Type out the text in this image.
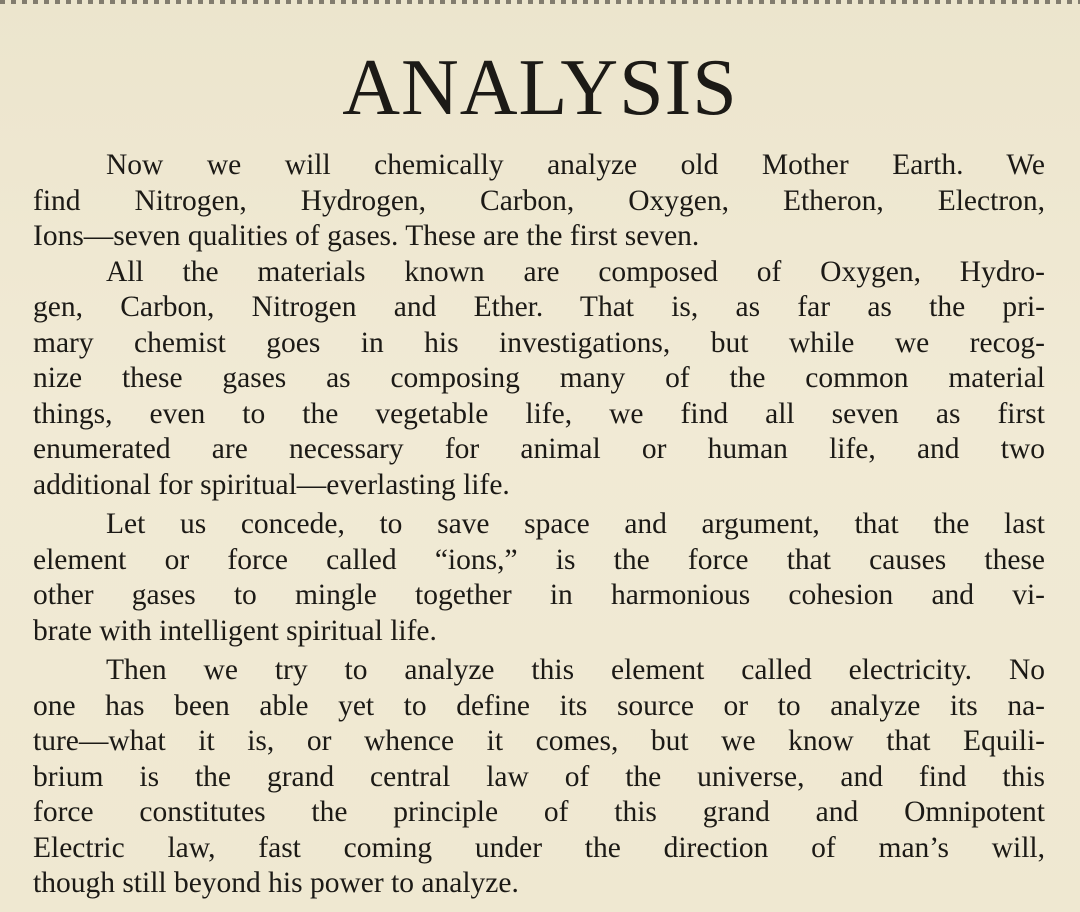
ANALYSIS
Now we will chemically analyze old Mother Earth. We
find Nitrogen, Hydrogen, Carbon, Oxygen, Etheron, Electron,
Ions—seven qualities of gases. These are the first seven.
All the materials known are composed of Oxygen, Hydro-
gen, Carbon, Nitrogen and Ether. That is, as far as the pri-
mary chemist goes in his investigations, but while we recog-
nize these gases as composing many of the common material
things, even to the vegetable life, we find all seven as first
enumerated are necessary for animal or human life, and two
additional for spiritual—everlasting life.
Let us concede, to save space and argument, that the last
element or force called “ions,” is the force that causes these
other gases to mingle together in harmonious cohesion and vi-
brate with intelligent spiritual life.
Then we try to analyze this element called electricity. No
one has been able yet to define its source or to analyze its na-
ture—what it is, or whence it comes, but we know that Equili-
brium is the grand central law of the universe, and find this
force constitutes the principle of this grand and Omnipotent
Electric law, fast coming under the direction of man’s will,
though still beyond his power to analyze.
